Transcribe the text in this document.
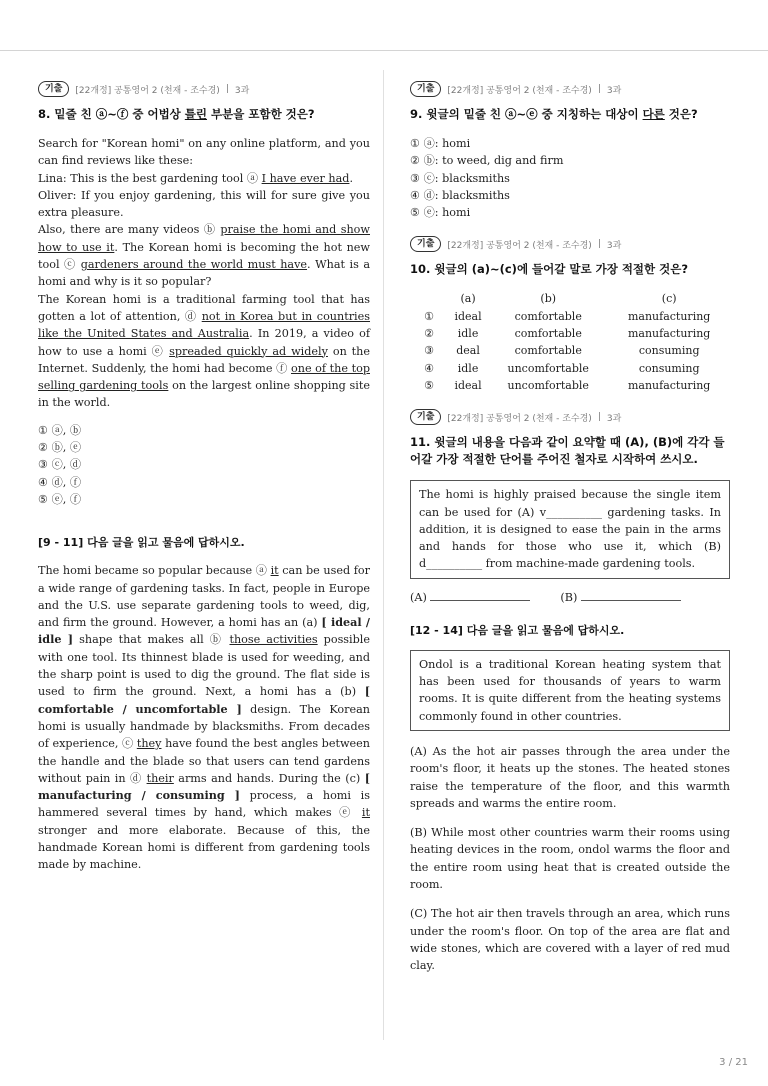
기출	[22개정] 공통영어 2 (천재 - 조수경) | 3과
8. 밑줄 친 ⓐ~ⓕ 중 어법상 틀린 부분을 포함한 것은?

Search for "Korean homi" on any online platform, and you can find reviews like these:

Lina: This is the best gardening tool ⓐ I have ever had.

Oliver: If you enjoy gardening, this will for sure give you extra pleasure.

Also, there are many videos ⓑ praise the homi and show how to use it. The Korean homi is becoming the hot new tool ⓒ gardeners around the world must have. What is a homi and why is it so popular?

The Korean homi is a traditional farming tool that has gotten a lot of attention, ⓓ not in Korea but in countries like the United States and Australia. In 2019, a video of how to use a homi ⓔ spreaded quickly ad widely on the Internet. Suddenly, the homi had become ⓕ one of the top selling gardening tools on the largest online shopping site in the world.

① ⓐ, ⓑ
② ⓑ, ⓔ
③ ⓒ, ⓓ
④ ⓓ, ⓕ
⑤ ⓔ, ⓕ
[9 - 11] 다음 글을 읽고 물음에 답하시오.

The homi became so popular because ⓐ it can be used for a wide range of gardening tasks. In fact, people in Europe and the U.S. use separate gardening tools to weed, dig, and firm the ground. However, a homi has an (a) [ ideal / idle ] shape that makes all ⓑ those activities possible with one tool. Its thinnest blade is used for weeding, and the sharp point is used to dig the ground. The flat side is used to firm the ground. Next, a homi has a (b) [ comfortable / uncomfortable ] design. The Korean homi is usually handmade by blacksmiths. From decades of experience, ⓒ they have found the best angles between the handle and the blade so that users can tend gardens without pain in ⓓ their arms and hands. During the (c) [ manufacturing / consuming ] process, a homi is hammered several times by hand, which makes ⓔ it stronger and more elaborate. Because of this, the handmade Korean homi is different from gardening tools made by machine.

기출	[22개정] 공통영어 2 (천재 - 조수경) | 3과
9. 윗글의 밑줄 친 ⓐ~ⓔ 중 지칭하는 대상이 다른 것은?
① ⓐ: homi
② ⓑ: to weed, dig and firm
③ ⓒ: blacksmiths
④ ⓓ: blacksmiths
⑤ ⓔ: homi
기출	[22개정] 공통영어 2 (천재 - 조수경) | 3과
10. 윗글의 (a)~(c)에 들어갈 말로 가장 적절한 것은?
	(a)	(b)	(c)
①	ideal	comfortable	manufacturing
②	idle	comfortable	manufacturing
③	deal	comfortable	consuming
④	idle	uncomfortable	consuming
⑤	ideal	uncomfortable	manufacturing
기출	[22개정] 공통영어 2 (천재 - 조수경) | 3과
11. 윗글의 내용을 다음과 같이 요약할 때 (A), (B)에 각각 들어갈 가장 적절한 단어를 주어진 철자로 시작하여 쓰시오.
The homi is highly praised because the single item can be used for (A) v__________ gardening tasks. In addition, it is designed to ease the pain in the arms and hands for those who use it, which (B) d__________ from machine-made gardening tools.
(A)	(B)
[12 - 14] 다음 글을 읽고 물음에 답하시오.
Ondol is a traditional Korean heating system that has been used for thousands of years to warm rooms. It is quite different from the heating systems commonly found in other countries.

(A) As the hot air passes through the area under the room's floor, it heats up the stones. The heated stones raise the temperature of the floor, and this warmth spreads and warms the entire room.

(B) While most other countries warm their rooms using heating devices in the room, ondol warms the floor and the entire room using heat that is created outside the room.

(C) The hot air then travels through an area, which runs under the room's floor. On top of the area are flat and wide stones, which are covered with a layer of red mud clay.

3 / 21
